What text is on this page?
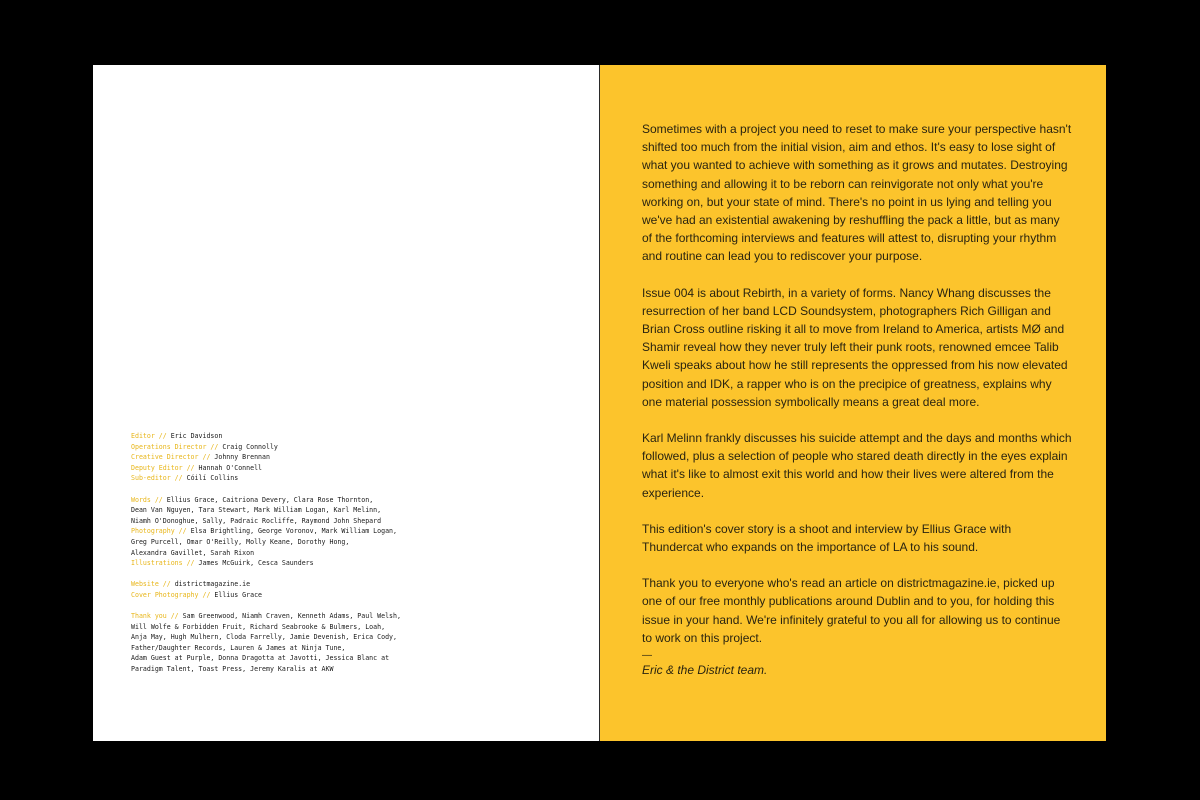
Editor // Eric Davidson

Operations Director // Craig Connolly

Creative Director // Johnny Brennan

Deputy Editor // Hannah O'Connell

Sub-editor // Cóilí Collins

Words // Ellius Grace, Caitriona Devery, Clara Rose Thornton,

Dean Van Nguyen, Tara Stewart, Mark William Logan, Karl Melinn,

Niamh O'Donoghue, Sally, Padraic Rocliffe, Raymond John Shepard

Photography // Elsa Brightling, George Voronov, Mark William Logan,

Greg Purcell, Omar O'Reilly, Molly Keane, Dorothy Hong,

Alexandra Gavillet, Sarah Rixon

Illustrations // James McGuirk, Cesca Saunders

Website // districtmagazine.ie

Cover Photography // Ellius Grace

Thank you // Sam Greenwood, Niamh Craven, Kenneth Adams, Paul Welsh,

Will Wolfe & Forbidden Fruit, Richard Seabrooke & Bulmers, Loah,

Anja May, Hugh Mulhern, Cloda Farrelly, Jamie Devenish, Erica Cody,

Father/Daughter Records, Lauren & James at Ninja Tune,

Adam Guest at Purple, Donna Dragotta at Javotti, Jessica Blanc at

Paradigm Talent, Toast Press, Jeremy Karalis at AKW

Sometimes with a project you need to reset to make sure your perspective hasn't shifted too much from the initial vision, aim and ethos. It's easy to lose sight of what you wanted to achieve with something as it grows and mutates. Destroying something and allowing it to be reborn can reinvigorate not only what you're working on, but your state of mind. There's no point in us lying and telling you we've had an existential awakening by reshuffling the pack a little, but as many of the forthcoming interviews and features will attest to, disrupting your rhythm and routine can lead you to rediscover your purpose.

Issue 004 is about Rebirth, in a variety of forms. Nancy Whang discusses the resurrection of her band LCD Soundsystem, photographers Rich Gilligan and Brian Cross outline risking it all to move from Ireland to America, artists MØ and Shamir reveal how they never truly left their punk roots, renowned emcee Talib Kweli speaks about how he still represents the oppressed from his now elevated position and IDK, a rapper who is on the precipice of greatness, explains why one material possession symbolically means a great deal more.

Karl Melinn frankly discusses his suicide attempt and the days and months which followed, plus a selection of people who stared death directly in the eyes explain what it's like to almost exit this world and how their lives were altered from the experience.

This edition's cover story is a shoot and interview by Ellius Grace with Thundercat who expands on the importance of LA to his sound.

Thank you to everyone who's read an article on districtmagazine.ie, picked up one of our free monthly publications around Dublin and to you, for holding this issue in your hand. We're infinitely grateful to you all for allowing us to continue to work on this project.

—

Eric & the District team.
